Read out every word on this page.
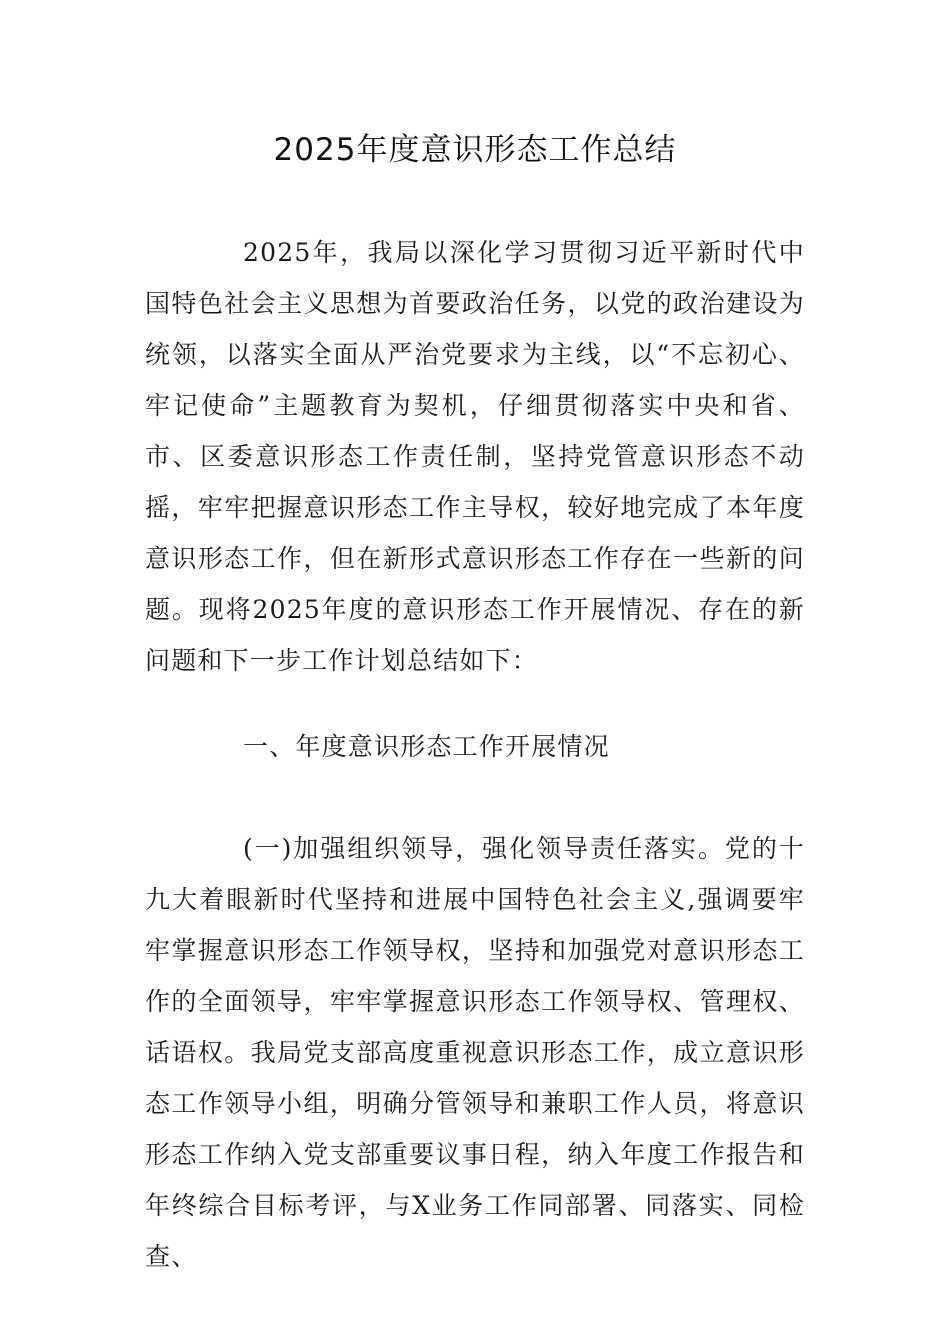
2025年度意识形态工作总结

2025年，我局以深化学习贯彻习近平新时代中国特色社会主义思想为首要政治任务，以党的政治建设为统领，以落实全面从严治党要求为主线，以“不忘初心、牢记使命”主题教育为契机，仔细贯彻落实中央和省、市、区委意识形态工作责任制，坚持党管意识形态不动摇，牢牢把握意识形态工作主导权，较好地完成了本年度意识形态工作，但在新形式意识形态工作存在一些新的问题。现将2025年度的意识形态工作开展情况、存在的新问题和下一步工作计划总结如下：

一、年度意识形态工作开展情况

(一)加强组织领导，强化领导责任落实。党的十九大着眼新时代坚持和进展中国特色社会主义,强调要牢牢掌握意识形态工作领导权，坚持和加强党对意识形态工作的全面领导，牢牢掌握意识形态工作领导权、管理权、话语权。我局党支部高度重视意识形态工作，成立意识形态工作领导小组，明确分管领导和兼职工作人员，将意识形态工作纳入党支部重要议事日程，纳入年度工作报告和年终综合目标考评，与X业务工作同部署、同落实、同检查、
